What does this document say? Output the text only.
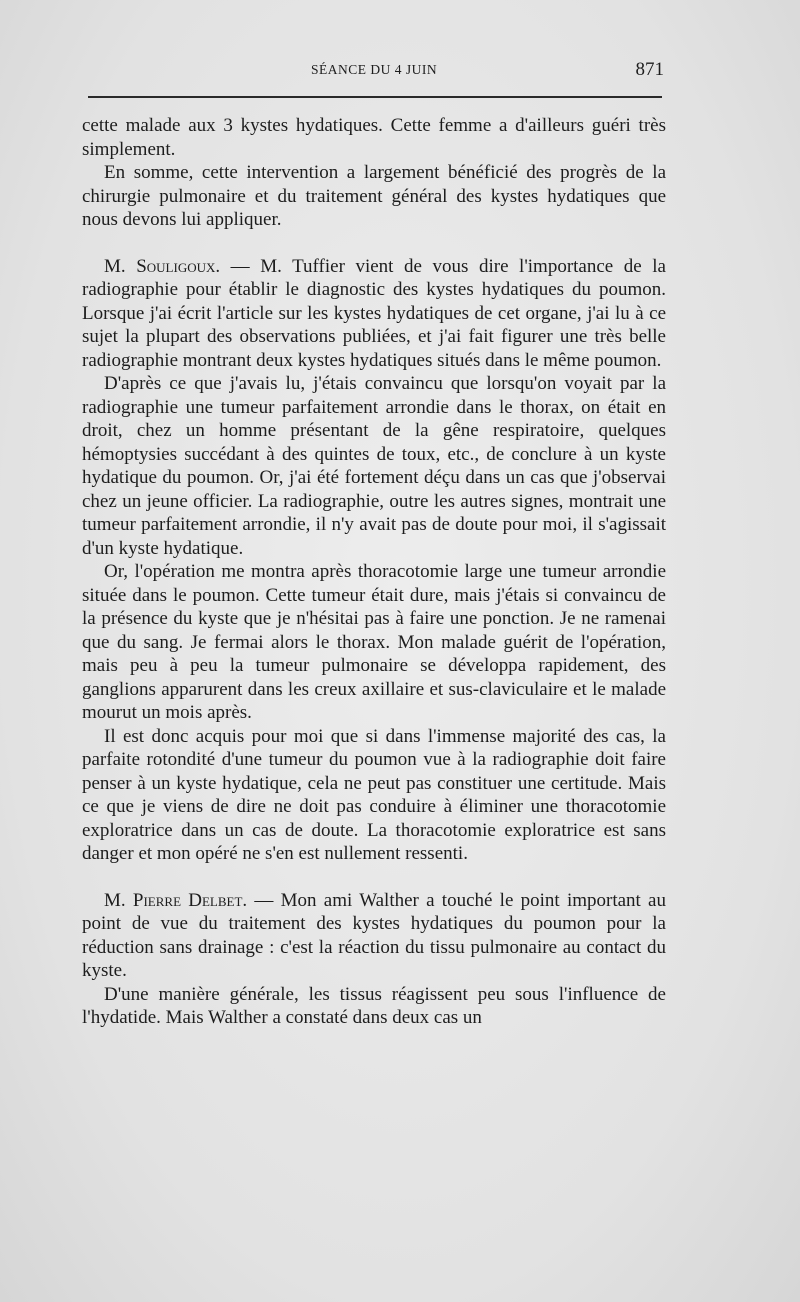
SÉANCE DU 4 JUIN	871

cette malade aux 3 kystes hydatiques. Cette femme a d'ailleurs guéri très simplement.

En somme, cette intervention a largement bénéficié des progrès de la chirurgie pulmonaire et du traitement général des kystes hydatiques que nous devons lui appliquer.

M. Souligoux. — M. Tuffier vient de vous dire l'importance de la radiographie pour établir le diagnostic des kystes hydatiques du poumon. Lorsque j'ai écrit l'article sur les kystes hydatiques de cet organe, j'ai lu à ce sujet la plupart des observations publiées, et j'ai fait figurer une très belle radiographie montrant deux kystes hydatiques situés dans le même poumon.

D'après ce que j'avais lu, j'étais convaincu que lorsqu'on voyait par la radiographie une tumeur parfaitement arrondie dans le thorax, on était en droit, chez un homme présentant de la gêne respiratoire, quelques hémoptysies succédant à des quintes de toux, etc., de conclure à un kyste hydatique du poumon. Or, j'ai été fortement déçu dans un cas que j'observai chez un jeune officier. La radiographie, outre les autres signes, montrait une tumeur parfaitement arrondie, il n'y avait pas de doute pour moi, il s'agissait d'un kyste hydatique.

Or, l'opération me montra après thoracotomie large une tumeur arrondie située dans le poumon. Cette tumeur était dure, mais j'étais si convaincu de la présence du kyste que je n'hésitai pas à faire une ponction. Je ne ramenai que du sang. Je fermai alors le thorax. Mon malade guérit de l'opération, mais peu à peu la tumeur pulmonaire se développa rapidement, des ganglions apparurent dans les creux axillaire et sus-claviculaire et le malade mourut un mois après.

Il est donc acquis pour moi que si dans l'immense majorité des cas, la parfaite rotondité d'une tumeur du poumon vue à la radiographie doit faire penser à un kyste hydatique, cela ne peut pas constituer une certitude. Mais ce que je viens de dire ne doit pas conduire à éliminer une thoracotomie exploratrice dans un cas de doute. La thoracotomie exploratrice est sans danger et mon opéré ne s'en est nullement ressenti.

M. Pierre Delbet. — Mon ami Walther a touché le point important au point de vue du traitement des kystes hydatiques du poumon pour la réduction sans drainage : c'est la réaction du tissu pulmonaire au contact du kyste.

D'une manière générale, les tissus réagissent peu sous l'influence de l'hydatide. Mais Walther a constaté dans deux cas un
